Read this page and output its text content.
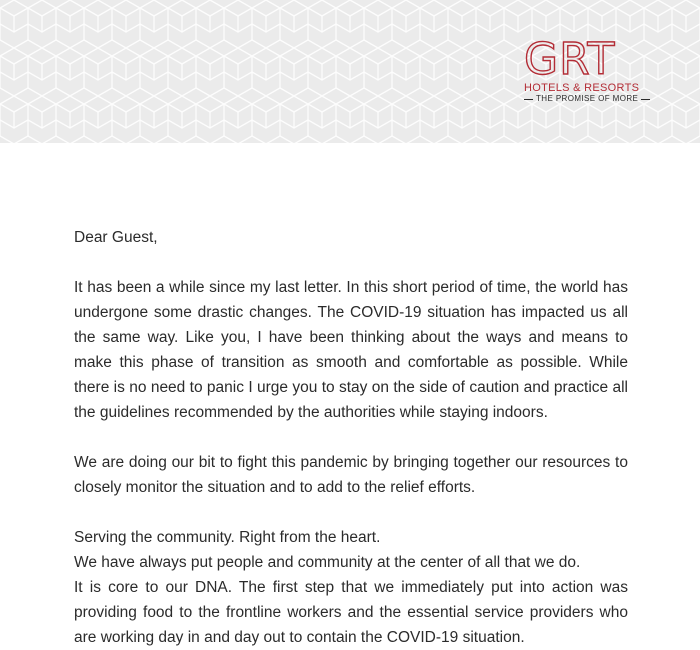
GRT
HOTELS & RESORTS
THE PROMISE OF MORE

Dear Guest,

It has been a while since my last letter. In this short period of time, the world has undergone some drastic changes. The COVID-19 situation has impacted us all the same way. Like you, I have been thinking about the ways and means to make this phase of transition as smooth and comfortable as possible. While there is no need to panic I urge you to stay on the side of caution and practice all the guidelines recommended by the authorities while staying indoors.

We are doing our bit to fight this pandemic by bringing together our resources to closely monitor the situation and to add to the relief efforts.

Serving the community. Right from the heart.

We have always put people and community at the center of all that we do.

It is core to our DNA. The first step that we immediately put into action was providing food to the frontline workers and the essential service providers who are working day in and day out to contain the COVID-19 situation.
